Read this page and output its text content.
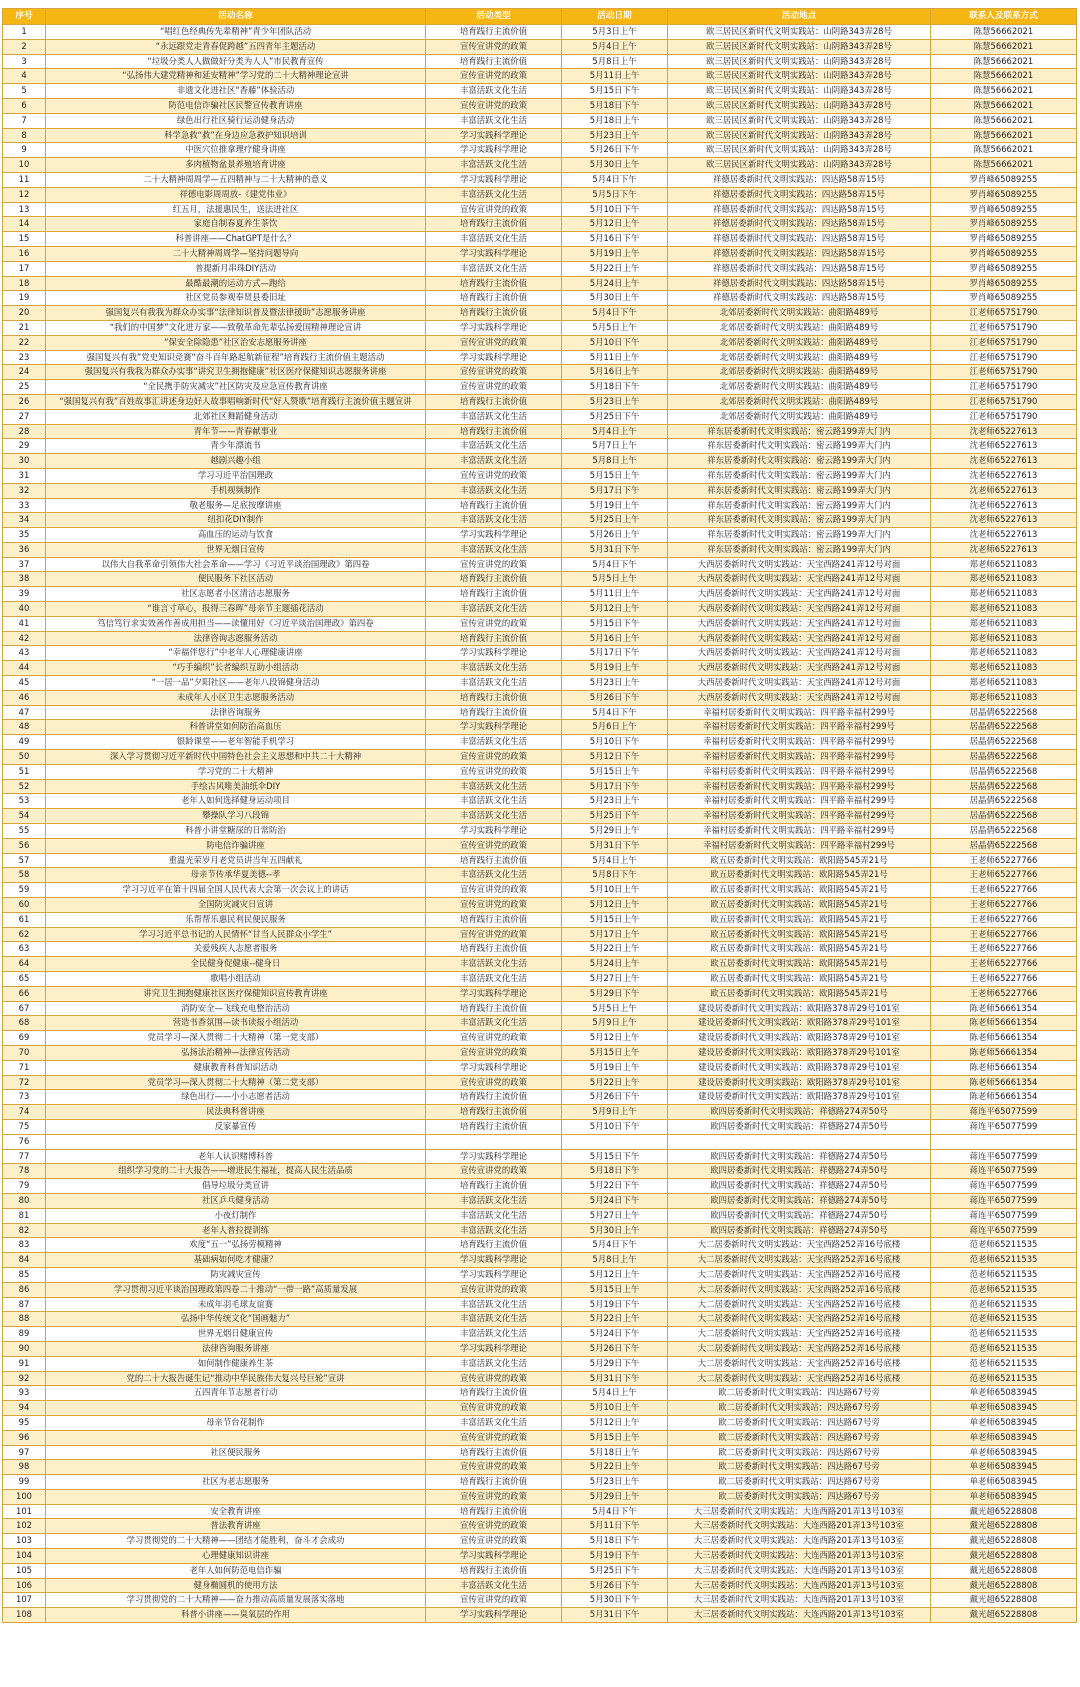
序号	活动名称	活动类型	活动日期	活动地点	联系人及联系方式
1	“唱红色经典传先辈精神”青少年团队活动	培育践行主流价值	5月3日上午	欧三居民区新时代文明实践站：山阴路343弄28号	陈慧56662021
2	“永远跟党走青春促跨越”五四青年主题活动	宣传宣讲党的政策	5月4日上午	欧三居民区新时代文明实践站：山阴路343弄28号	陈慧56662021
3	“垃圾分类人人做做好分类为人人”市民教育宣传	培育践行主流价值	5月8日上午	欧三居民区新时代文明实践站：山阴路343弄28号	陈慧56662021
4	“弘扬伟大建党精神和延安精神”学习党的二十大精神理论宣讲	宣传宣讲党的政策	5月11日上午	欧三居民区新时代文明实践站：山阴路343弄28号	陈慧56662021
5	非遗文化进社区“香藤”体验活动	丰富活跃文化生活	5月15日下午	欧三居民区新时代文明实践站：山阴路343弄28号	陈慧56662021
6	防范电信诈骗社区民警宣传教育讲座	宣传宣讲党的政策	5月18日下午	欧三居民区新时代文明实践站：山阴路343弄28号	陈慧56662021
7	绿色出行社区骑行运动健身活动	丰富活跃文化生活	5月18日上午	欧三居民区新时代文明实践站：山阴路343弄28号	陈慧56662021
8	科学急救“救”在身边应急救护知识培训	学习实践科学理论	5月23日上午	欧三居民区新时代文明实践站：山阴路343弄28号	陈慧56662021
9	中医穴位推拿理疗健身讲座	学习实践科学理论	5月26日下午	欧三居民区新时代文明实践站：山阴路343弄28号	陈慧56662021
10	多肉植物盆景养殖培育讲座	丰富活跃文化生活	5月30日上午	欧三居民区新时代文明实践站：山阴路343弄28号	陈慧56662021
11	二十大精神周周学—五四精神与二十大精神的意义	学习实践科学理论	5月4日下午	祥德居委新时代文明实践站：四达路58弄15号	罗肖峰65089255
12	祥德电影周周放-《建党伟业》	丰富活跃文化生活	5月5日下午	祥德居委新时代文明实践站：四达路58弄15号	罗肖峰65089255
13	红五月，法援惠民生，送法进社区	宣传宣讲党的政策	5月10日下午	祥德居委新时代文明实践站：四达路58弄15号	罗肖峰65089255
14	家庭自制春夏养生茶饮	培育践行主流价值	5月12日上午	祥德居委新时代文明实践站：四达路58弄15号	罗肖峰65089255
15	科普讲座——ChatGPT是什么？	丰富活跃文化生活	5月16日下午	祥德居委新时代文明实践站：四达路58弄15号	罗肖峰65089255
16	二十大精神周周学—坚持问题导向	学习实践科学理论	5月19日上午	祥德居委新时代文明实践站：四达路58弄15号	罗肖峰65089255
17	普提新月串珠DIY活动	丰富活跃文化生活	5月22日上午	祥德居委新时代文明实践站：四达路58弄15号	罗肖峰65089255
18	最酷最潮的运动方式—跑给	培育践行主流价值	5月24日上午	祥德居委新时代文明实践站：四达路58弄15号	罗肖峰65089255
19	社区党员参观奉贤县委旧址	培育践行主流价值	5月30日上午	祥德居委新时代文明实践站：四达路58弄15号	罗肖峰65089255
20	强国复兴有我我为群众办实事“法律知识普及暨法律援助”志愿服务讲座	培育践行主流价值	5月4日下午	北郊居委新时代文明实践站：曲阳路489号	江老师65751790
21	“我们的中国梦”文化进万家——致敬革命先辈弘扬爱国精神理论宣讲	学习实践科学理论	5月5日上午	北郊居委新时代文明实践站：曲阳路489号	江老师65751790
22	“保安全除隐患”社区治安志愿服务讲座	宣传宣讲党的政策	5月10日下午	北郊居委新时代文明实践站：曲阳路489号	江老师65751790
23	强国复兴有我”党史知识竞赛“奋斗百年路起航新征程”培育践行主流价值主题活动	学习实践科学理论	5月11日上午	北郊居委新时代文明实践站：曲阳路489号	江老师65751790
24	强国复兴有我我为群众办实事“讲究卫生拥抱健康”社区医疗保健知识志愿服务讲座	宣传宣讲党的政策	5月16日上午	北郊居委新时代文明实践站：曲阳路489号	江老师65751790
25	“全民携手防灾减灾”社区防灾及应急宣传教育讲座	宣传宣讲党的政策	5月18日下午	北郊居委新时代文明实践站：曲阳路489号	江老师65751790
26	“强国复兴有我”百姓故事汇讲述身边好人故事唱响新时代“好人赞歌”培育践行主流价值主题宣讲	培育践行主流价值	5月23日上午	北郊居委新时代文明实践站：曲阳路489号	江老师65751790
27	北郊社区舞蹈健身活动	丰富活跃文化生活	5月25日下午	北郊居委新时代文明实践站：曲阳路489号	江老师65751790
28	青年节——青春献事业	培育践行主流价值	5月4日上午	祥东居委新时代文明实践站：密云路199弄大门内	沈老师65227613
29	青少年漂流书	丰富活跃文化生活	5月7日上午	祥东居委新时代文明实践站：密云路199弄大门内	沈老师65227613
30	越剧兴趣小组	丰富活跃文化生活	5月8日上午	祥东居委新时代文明实践站：密云路199弄大门内	沈老师65227613
31	学习习近平治国理政	宣传宣讲党的政策	5月15日上午	祥东居委新时代文明实践站：密云路199弄大门内	沈老师65227613
32	手机视频制作	丰富活跃文化生活	5月17日下午	祥东居委新时代文明实践站：密云路199弄大门内	沈老师65227613
33	敬老服务—足底按摩讲座	培育践行主流价值	5月19日上午	祥东居委新时代文明实践站：密云路199弄大门内	沈老师65227613
34	纽扣花DIY制作	丰富活跃文化生活	5月25日上午	祥东居委新时代文明实践站：密云路199弄大门内	沈老师65227613
35	高血压的运动与饮食	学习实践科学理论	5月26日上午	祥东居委新时代文明实践站：密云路199弄大门内	沈老师65227613
36	世界无烟日宣传	丰富活跃文化生活	5月31日下午	祥东居委新时代文明实践站：密云路199弄大门内	沈老师65227613
37	以伟大自我革命引领伟大社会革命——学习《习近平谈治国理政》第四卷	宣传宣讲党的政策	5月4日下午	大西居委新时代文明实践站：天宝西路241弄12号对面	郑老师65211083
38	便民服务下社区活动	培育践行主流价值	5月5日上午	大西居委新时代文明实践站：天宝西路241弄12号对面	郑老师65211083
39	社区志愿者小区清洁志愿服务	培育践行主流价值	5月11日上午	大西居委新时代文明实践站：天宝西路241弄12号对面	郑老师65211083
40	“谁言寸草心，报得三春晖”母亲节主题插花活动	丰富活跃文化生活	5月12日上午	大西居委新时代文明实践站：天宝西路241弄12号对面	郑老师65211083
41	笃信笃行求实效善作善成用担当——读懂用好《习近平谈治国理政》第四卷	宣传宣讲党的政策	5月15日下午	大西居委新时代文明实践站：天宝西路241弄12号对面	郑老师65211083
42	法律咨询志愿服务活动	培育践行主流价值	5月16日上午	大西居委新时代文明实践站：天宝西路241弄12号对面	郑老师65211083
43	“幸福伴您行”中老年人心理健康讲座	学习实践科学理论	5月17日下午	大西居委新时代文明实践站：天宝西路241弄12号对面	郑老师65211083
44	“巧手编织”长者编织互助小组活动	丰富活跃文化生活	5月19日上午	大西居委新时代文明实践站：天宝西路241弄12号对面	郑老师65211083
45	“一居一品”夕阳社区——老年八段锦健身活动	丰富活跃文化生活	5月23日上午	大西居委新时代文明实践站：天宝西路241弄12号对面	郑老师65211083
46	未成年人小区卫生志愿服务活动	培育践行主流价值	5月26日下午	大西居委新时代文明实践站：天宝西路241弄12号对面	郑老师65211083
47	法律咨询服务	培育践行主流价值	5月4日下午	幸福村居委新时代文明实践站：四平路幸福村299号	居晶倩65222568
48	科普讲堂如何防治高血压	学习实践科学理论	5月6日上午	幸福村居委新时代文明实践站：四平路幸福村299号	居晶倩65222568
49	银龄课堂——老年智能手机学习	丰富活跃文化生活	5月10日下午	幸福村居委新时代文明实践站：四平路幸福村299号	居晶倩65222568
50	深入学习贯彻习近平新时代中国特色社会主义思想和中共二十大精神	宣传宣讲党的政策	5月12日下午	幸福村居委新时代文明实践站：四平路幸福村299号	居晶倩65222568
51	学习党的二十大精神	宣传宣讲党的政策	5月15日上午	幸福村居委新时代文明实践站：四平路幸福村299号	居晶倩65222568
52	手绘古风唯美油纸伞DIY	丰富活跃文化生活	5月17日下午	幸福村居委新时代文明实践站：四平路幸福村299号	居晶倩65222568
53	老年人如何选择健身运动项目	丰富活跃文化生活	5月23日上午	幸福村居委新时代文明实践站：四平路幸福村299号	居晶倩65222568
54	攀操队学习八段锦	丰富活跃文化生活	5月25日下午	幸福村居委新时代文明实践站：四平路幸福村299号	居晶倩65222568
55	科普小讲堂糖尿的日常防治	学习实践科学理论	5月29日上午	幸福村居委新时代文明实践站：四平路幸福村299号	居晶倩65222568
56	防电信诈骗讲座	宣传宣讲党的政策	5月31日下午	幸福村居委新时代文明实践站：四平路幸福村299号	居晶倩65222568
57	重温光荣岁月老党员讲当年五四献礼	培育践行主流价值	5月4日上午	欧五居委新时代文明实践站：欧阳路545弄21号	王老师65227766
58	母亲节传承华夏美德--孝	丰富活跃文化生活	5月8日下午	欧五居委新时代文明实践站：欧阳路545弄21号	王老师65227766
59	学习习近平在第十四届全国人民代表大会第一次会议上的讲话	宣传宣讲党的政策	5月10日上午	欧五居委新时代文明实践站：欧阳路545弄21号	王老师65227766
60	全国防灾减灾日宣讲	宣传宣讲党的政策	5月12日上午	欧五居委新时代文明实践站：欧阳路545弄21号	王老师65227766
61	乐帮帮乐惠民利民便民服务	培育践行主流价值	5月15日上午	欧五居委新时代文明实践站：欧阳路545弄21号	王老师65227766
62	学习习近平总书记的人民情怀“甘当人民群众小学生”	宣传宣讲党的政策	5月17日上午	欧五居委新时代文明实践站：欧阳路545弄21号	王老师65227766
63	关爱残疾人志愿者服务	培育践行主流价值	5月22日上午	欧五居委新时代文明实践站：欧阳路545弄21号	王老师65227766
64	全民健身促健康--健身日	丰富活跃文化生活	5月24日上午	欧五居委新时代文明实践站：欧阳路545弄21号	王老师65227766
65	歌唱小组活动	丰富活跃文化生活	5月27日上午	欧五居委新时代文明实践站：欧阳路545弄21号	王老师65227766
66	讲究卫生拥抱健康社区医疗保健知识宣传教育讲座	学习实践科学理论	5月29日下午	欧五居委新时代文明实践站：欧阳路545弄21号	王老师65227766
67	消防安全—飞线充电整治活动	培育践行主流价值	5月5日上午	建设居委新时代文明实践站：欧阳路378弄29号101室	陈老师56661354
68	营造书香氛围—读书读报小组活动	丰富活跃文化生活	5月9日上午	建设居委新时代文明实践站：欧阳路378弄29号101室	陈老师56661354
69	党员学习—深入贯彻二十大精神（第一党支部）	宣传宣讲党的政策	5月12日上午	建设居委新时代文明实践站：欧阳路378弄29号101室	陈老师56661354
70	弘扬法治精神—法律宣传活动	宣传宣讲党的政策	5月15日上午	建设居委新时代文明实践站：欧阳路378弄29号101室	陈老师56661354
71	健康教育科普知识活动	学习实践科学理论	5月19日上午	建设居委新时代文明实践站：欧阳路378弄29号101室	陈老师56661354
72	党员学习—深入贯彻二十大精神（第二党支部）	宣传宣讲党的政策	5月22日上午	建设居委新时代文明实践站：欧阳路378弄29号101室	陈老师56661354
73	绿色出行——小小志愿者活动	培育践行主流价值	5月26日下午	建设居委新时代文明实践站：欧阳路378弄29号101室	陈老师56661354
74	民法典科普讲座	培育践行主流价值	5月9日上午	欧四居委新时代文明实践站：祥德路274弄50号	蒋连平65077599
75	反家暴宣传	培育践行主流价值	5月10日下午	欧四居委新时代文明实践站：祥德路274弄50号	蒋连平65077599
76					
77	老年人认识赌博科普	学习实践科学理论	5月15日下午	欧四居委新时代文明实践站：祥德路274弄50号	蒋连平65077599
78	组织学习党的二十大报告——增进民生福祉，提高人民生活品质	宣传宣讲党的政策	5月18日下午	欧四居委新时代文明实践站：祥德路274弄50号	蒋连平65077599
79	倡导垃圾分类宣讲	培育践行主流价值	5月22日下午	欧四居委新时代文明实践站：祥德路274弄50号	蒋连平65077599
80	社区乒乓健身活动	丰富活跃文化生活	5月24日下午	欧四居委新时代文明实践站：祥德路274弄50号	蒋连平65077599
81	小夜灯制作	丰富活跃文化生活	5月27日上午	欧四居委新时代文明实践站：祥德路274弄50号	蒋连平65077599
82	老年人普拉提训练	丰富活跃文化生活	5月30日上午	欧四居委新时代文明实践站：祥德路274弄50号	蒋连平65077599
83	欢度“五一”弘扬劳模精神	培育践行主流价值	5月4日下午	大二居委新时代文明实践站：天宝西路252弄16号底楼	范老师65211535
84	基础病如何吃才健康？	学习实践科学理论	5月8日上午	大二居委新时代文明实践站：天宝西路252弄16号底楼	范老师65211535
85	防灾减灾宣传	学习实践科学理论	5月12日上午	大二居委新时代文明实践站：天宝西路252弄16号底楼	范老师65211535
86	学习贯彻习近平谈治国理政第四卷二十推动“一带一路”高质量发展	宣传宣讲党的政策	5月15日上午	大二居委新时代文明实践站：天宝西路252弄16号底楼	范老师65211535
87	未成年羽毛球友谊赛	丰富活跃文化生活	5月19日下午	大二居委新时代文明实践站：天宝西路252弄16号底楼	范老师65211535
88	弘扬中华传统文化“国画魅力”	丰富活跃文化生活	5月22日上午	大二居委新时代文明实践站：天宝西路252弄16号底楼	范老师65211535
89	世界无烟日健康宣传	丰富活跃文化生活	5月24日下午	大二居委新时代文明实践站：天宝西路252弄16号底楼	范老师65211535
90	法律咨询服务讲座	学习实践科学理论	5月26日下午	大二居委新时代文明实践站：天宝西路252弄16号底楼	范老师65211535
91	如何制作健康养生茶	丰富活跃文化生活	5月29日下午	大二居委新时代文明实践站：天宝西路252弄16号底楼	范老师65211535
92	党的二十大报告诞生记“推动中华民族伟大复兴号巨轮”宣讲	宣传宣讲党的政策	5月31日下午	大二居委新时代文明实践站：天宝西路252弄16号底楼	范老师65211535
93	五四青年节志愿者行动	培育践行主流价值	5月4日上午	欧二居委新时代文明实践站：四达路67号旁	单老师65083945
94		宣传宣讲党的政策	5月10日上午	欧二居委新时代文明实践站：四达路67号旁	单老师65083945
95	母亲节台花制作	丰富活跃文化生活	5月12日上午	欧二居委新时代文明实践站：四达路67号旁	单老师65083945
96		宣传宣讲党的政策	5月15日上午	欧二居委新时代文明实践站：四达路67号旁	单老师65083945
97	社区便民服务	培育践行主流价值	5月18日上午	欧二居委新时代文明实践站：四达路67号旁	单老师65083945
98		宣传宣讲党的政策	5月22日上午	欧二居委新时代文明实践站：四达路67号旁	单老师65083945
99	社区为老志愿服务	培育践行主流价值	5月23日上午	欧二居委新时代文明实践站：四达路67号旁	单老师65083945
100		宣传宣讲党的政策	5月29日上午	欧二居委新时代文明实践站：四达路67号旁	单老师65083945
101	安全教育讲座	培育践行主流价值	5月4日下午	大三居委新时代文明实践站：大连西路201弄13号103室	戴光超65228808
102	普法教育讲座	宣传宣讲党的政策	5月11日下午	大三居委新时代文明实践站：大连西路201弄13号103室	戴光超65228808
103	学习贯彻党的二十大精神——团结才能胜利，奋斗才会成功	宣传宣讲党的政策	5月18日下午	大三居委新时代文明实践站：大连西路201弄13号103室	戴光超65228808
104	心理健康知识讲座	学习实践科学理论	5月19日下午	大三居委新时代文明实践站：大连西路201弄13号103室	戴光超65228808
105	老年人如何防范电信诈骗	培育践行主流价值	5月25日下午	大三居委新时代文明实践站：大连西路201弄13号103室	戴光超65228808
106	健身椭圆机的使用方法	丰富活跃文化生活	5月26日下午	大三居委新时代文明实践站：大连西路201弄13号103室	戴光超65228808
107	学习贯彻党的二十大精神——奋力推动高质量发展落实落地	宣传宣讲党的政策	5月30日下午	大三居委新时代文明实践站：大连西路201弄13号103室	戴光超65228808
108	科普小讲座——臭氧层的作用	学习实践科学理论	5月31日下午	大三居委新时代文明实践站：大连西路201弄13号103室	戴光超65228808
